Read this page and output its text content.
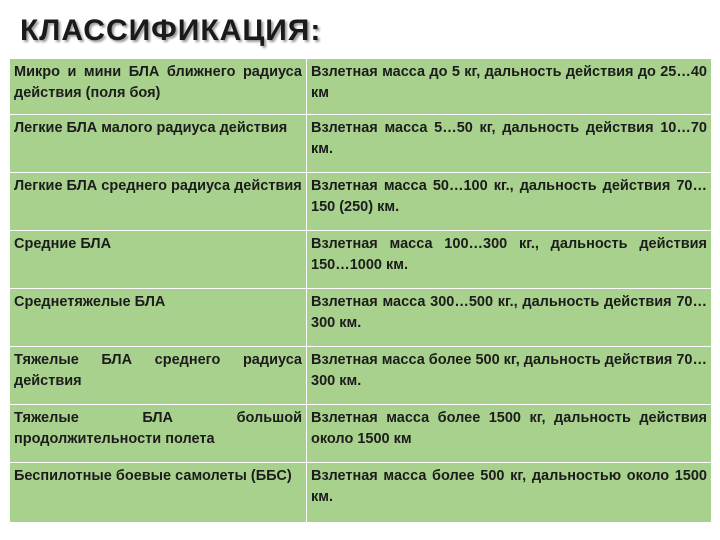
КЛАССИФИКАЦИЯ:
Микро и мини БЛА ближнего радиуса действия (поля боя)	Взлетная масса до 5 кг, дальность действия до 25…40 км
Легкие БЛА малого радиуса действия	Взлетная масса 5…50 кг, дальность действия 10…70 км.
Легкие БЛА среднего радиуса действия	Взлетная масса 50…100 кг., дальность действия 70…150 (250) км.
Средние БЛА	Взлетная масса 100…300 кг., дальность действия 150…1000 км.
Среднетяжелые БЛА	Взлетная масса 300…500 кг., дальность действия 70…300 км.
Тяжелые БЛА среднего радиуса действия	Взлетная масса более 500 кг, дальность действия 70…300 км.
Тяжелые БЛА большой продолжительности полета	Взлетная масса более 1500 кг, дальность действия около 1500 км
Беспилотные боевые самолеты (ББС)	Взлетная масса более 500 кг, дальностью около 1500 км.
